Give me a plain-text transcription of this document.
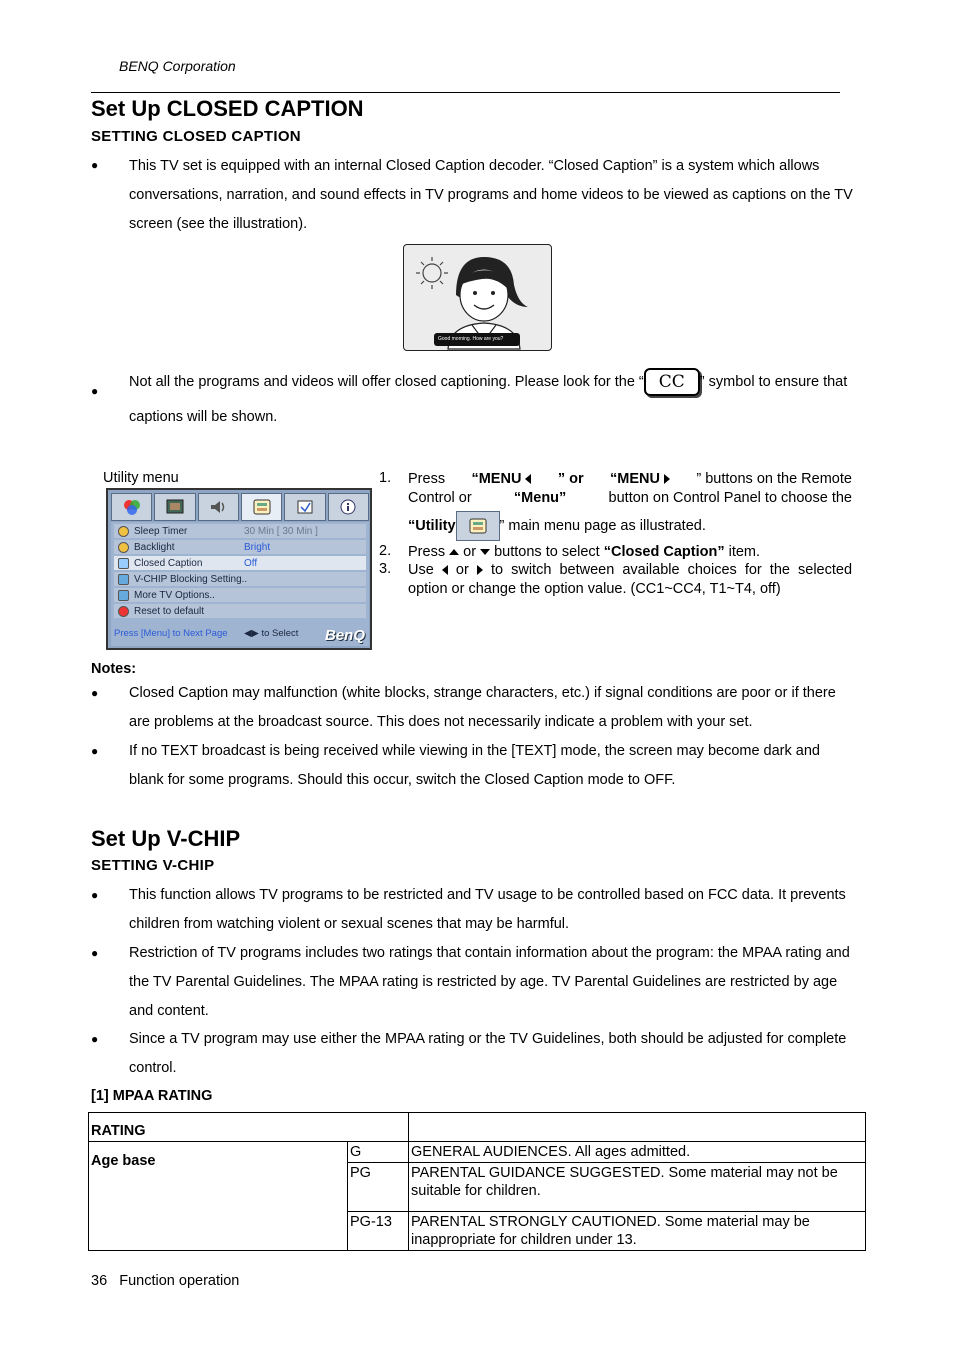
BENQ Corporation
Set Up CLOSED CAPTION
SETTING CLOSED CAPTION
●	This TV set is equipped with an internal Closed Caption decoder. “Closed Caption” is a system which allows conversations, narration, and sound effects in TV programs and home videos to be viewed as captions on the TV screen (see the illustration).

Good morning. How are you?
●
Not all the programs and videos will offer closed captioning. Please look for the “ CC ” symbol to ensure that captions will be shown.
Utility menu
Sleep Timer	30 Min [ 30 Min ]
Backlight	Bright
Closed Caption	Off
V-CHIP Blocking Setting..
More TV Options..
Reset to default
Press [Menu] to Next Page ◀▶ to Select	BenQ
1. Press “MENU	” or “MENU	” buttons on the Remote
Control or	“Menu”	button on Control Panel to choose the
“Utility	” main menu page as illustrated.
2. Press or buttons to select “Closed Caption” item.
3. Use or to switch between available choices for the selected
option or change the option value. (CC1~CC4, T1~T4, off)
Notes:
●	Closed Caption may malfunction (white blocks, strange characters, etc.) if signal conditions are poor or if there are problems at the broadcast source. This does not necessarily indicate a problem with your set.

●	If no TEXT broadcast is being received while viewing in the [TEXT] mode, the screen may become dark and blank for some programs. Should this occur, switch the Closed Caption mode to OFF.

Set Up V-CHIP
SETTING V-CHIP
●	This function allows TV programs to be restricted and TV usage to be controlled based on FCC data. It prevents children from watching violent or sexual scenes that may be harmful.

●	Restriction of TV programs includes two ratings that contain information about the program: the MPAA rating and the TV Parental Guidelines. The MPAA rating is restricted by age. TV Parental Guidelines are restricted by age and content.

●	Since a TV program may use either the MPAA rating or the TV Guidelines, both should be adjusted for complete control.

[1] MPAA RATING
RATING		
Age base	G	GENERAL AUDIENCES. All ages admitted.
	PG	PARENTAL GUIDANCE SUGGESTED. Some material may not be suitable for children.
	PG-13	PARENTAL STRONGLY CAUTIONED. Some material may be inappropriate for children under 13.
36 Function operation
